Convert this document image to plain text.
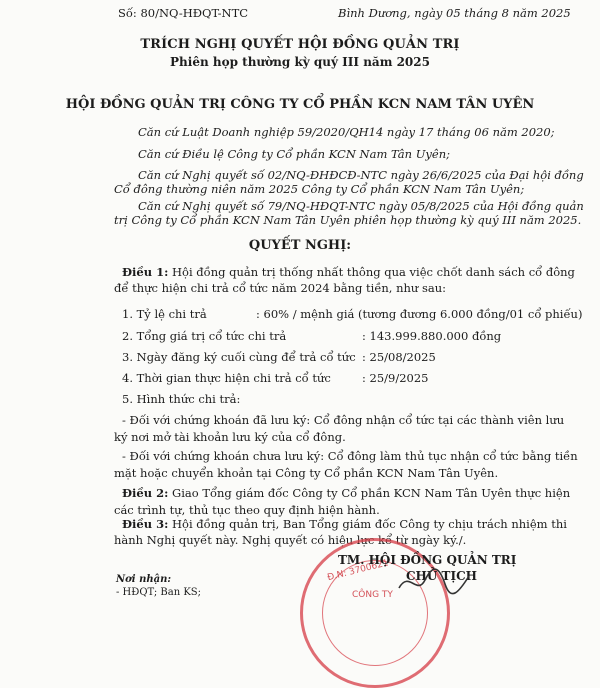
Số: 80/NQ-HĐQT-NTC	Bình Dương, ngày 05 tháng 8 năm 2025
TRÍCH NGHỊ QUYẾT HỘI ĐỒNG QUẢN TRỊ
Phiên họp thường kỳ quý III năm 2025
HỘI ĐỒNG QUẢN TRỊ CÔNG TY CỔ PHẦN KCN NAM TÂN UYÊN
Căn cứ Luật Doanh nghiệp 59/2020/QH14 ngày 17 tháng 06 năm 2020;
Căn cứ Điều lệ Công ty Cổ phần KCN Nam Tân Uyên;
Căn cứ Nghị quyết số 02/NQ-ĐHĐCĐ-NTC ngày 26/6/2025 của Đại hội đồng
Cổ đông thường niên năm 2025 Công ty Cổ phần KCN Nam Tân Uyên;
Căn cứ Nghị quyết số 79/NQ-HĐQT-NTC ngày 05/8/2025 của Hội đồng quản
trị Công ty Cổ phần KCN Nam Tân Uyên phiên họp thường kỳ quý III năm 2025.
QUYẾT NGHỊ:
Điều 1: Hội đồng quản trị thống nhất thông qua việc chốt danh sách cổ đông
để thực hiện chi trả cổ tức năm 2024 bằng tiền, như sau:
1. Tỷ lệ chi trả	: 60% / mệnh giá (tương đương 6.000 đồng/01 cổ phiếu)
2. Tổng giá trị cổ tức chi trả	: 143.999.880.000 đồng
3. Ngày đăng ký cuối cùng để trả cổ tức : 25/08/2025
4. Thời gian thực hiện chi trả cổ tức	: 25/9/2025
5. Hình thức chi trả:
- Đối với chứng khoán đã lưu ký: Cổ đông nhận cổ tức tại các thành viên lưu
ký nơi mở tài khoản lưu ký của cổ đông.
- Đối với chứng khoán chưa lưu ký: Cổ đông làm thủ tục nhận cổ tức bằng tiền
mặt hoặc chuyển khoản tại Công ty Cổ phần KCN Nam Tân Uyên.
Điều 2: Giao Tổng giám đốc Công ty Cổ phần KCN Nam Tân Uyên thực hiện
các trình tự, thủ tục theo quy định hiện hành.
Điều 3: Hội đồng quản trị, Ban Tổng giám đốc Công ty chịu trách nhiệm thi
hành Nghị quyết này. Nghị quyết có hiệu lực kể từ ngày ký./.
Đ.N: 3700621
CÔNG TY
TM. HỘI ĐỒNG QUẢN TRỊ
CHỦ TỊCH
Nơi nhận:
- HĐQT; Ban KS;
